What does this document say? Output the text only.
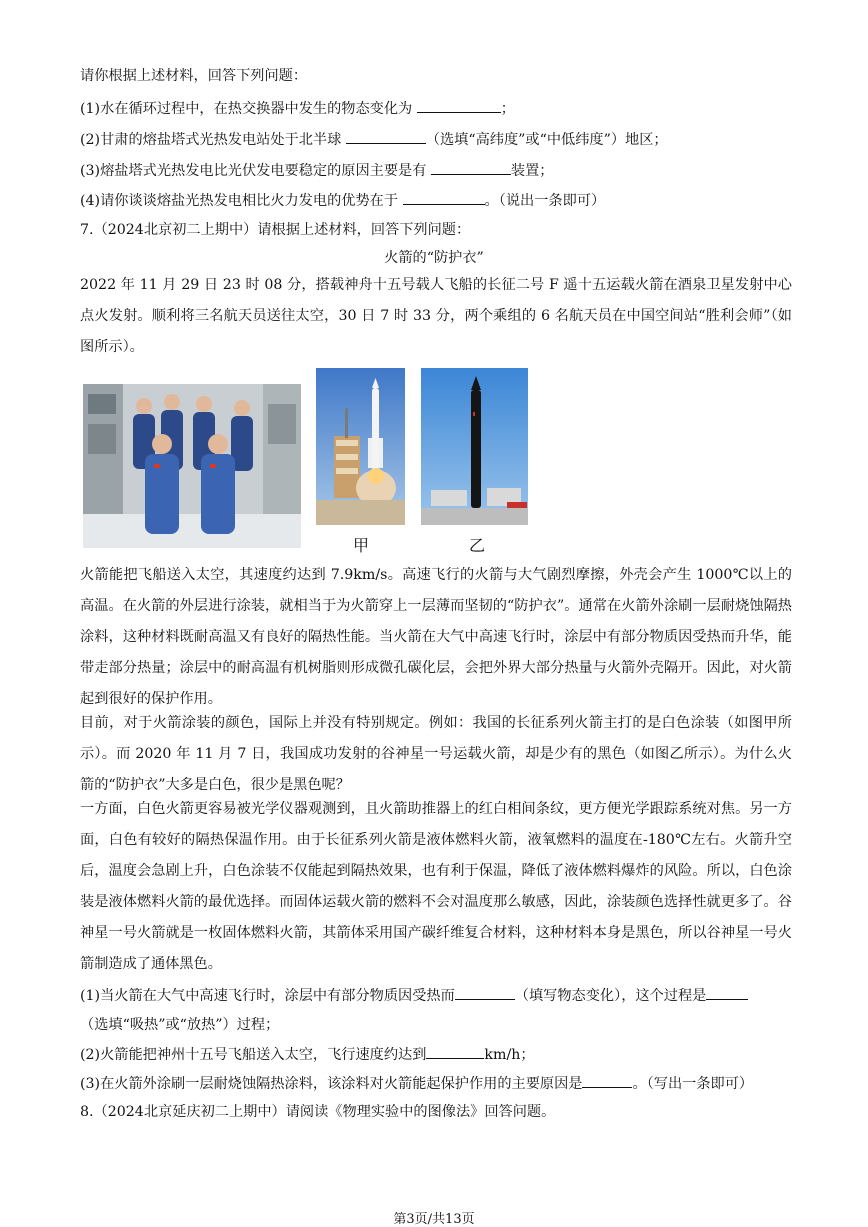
请你根据上述材料，回答下列问题：
(1)水在循环过程中，在热交换器中发生的物态变化为	；
(2)甘肃的熔盐塔式光热发电站处于北半球	（选填“高纬度”或“中低纬度”）地区；
(3)熔盐塔式光热发电比光伏发电要稳定的原因主要是有	装置；
(4)请你谈谈熔盐光热发电相比火力发电的优势在于	。（说出一条即可）
7.（2024北京初二上期中）请根据上述材料，回答下列问题：
火箭的“防护衣”
2022 年 11 月 29 日 23 时 08 分，搭载神舟十五号载人飞船的长征二号 F 遥十五运载火箭在酒泉卫星发射中心点火发射。顺利将三名航天员送往太空，30 日 7 时 33 分，两个乘组的 6 名航天员在中国空间站“胜利会师”（如图所示）。
甲	乙
火箭能把飞船送入太空，其速度约达到 7.9km/s。高速飞行的火箭与大气剧烈摩擦，外壳会产生 1000℃以上的高温。在火箭的外层进行涂装，就相当于为火箭穿上一层薄而坚韧的“防护衣”。通常在火箭外涂刷一层耐烧蚀隔热涂料，这种材料既耐高温又有良好的隔热性能。当火箭在大气中高速飞行时，涂层中有部分物质因受热而升华，能带走部分热量；涂层中的耐高温有机树脂则形成微孔碳化层，会把外界大部分热量与火箭外壳隔开。因此，对火箭起到很好的保护作用。
目前，对于火箭涂装的颜色，国际上并没有特别规定。例如：我国的长征系列火箭主打的是白色涂装（如图甲所示）。而 2020 年 11 月 7 日，我国成功发射的谷神星一号运载火箭，却是少有的黑色（如图乙所示）。为什么火箭的“防护衣”大多是白色，很少是黑色呢？
一方面，白色火箭更容易被光学仪器观测到，且火箭助推器上的红白相间条纹，更方便光学跟踪系统对焦。另一方面，白色有较好的隔热保温作用。由于长征系列火箭是液体燃料火箭，液氧燃料的温度在-180℃左右。火箭升空后，温度会急剧上升，白色涂装不仅能起到隔热效果，也有利于保温，降低了液体燃料爆炸的风险。所以，白色涂装是液体燃料火箭的最优选择。而固体运载火箭的燃料不会对温度那么敏感，因此，涂装颜色选择性就更多了。谷神星一号火箭就是一枚固体燃料火箭，其箭体采用国产碳纤维复合材料，这种材料本身是黑色，所以谷神星一号火箭制造成了通体黑色。
(1)当火箭在大气中高速飞行时，涂层中有部分物质因受热而	（填写物态变化），这个过程是
（选填“吸热”或“放热”）过程；
(2)火箭能把神州十五号飞船送入太空，飞行速度约达到	km/h；
(3)在火箭外涂刷一层耐烧蚀隔热涂料，该涂料对火箭能起保护作用的主要原因是	。（写出一条即可）
8.（2024北京延庆初二上期中）请阅读《物理实验中的图像法》回答问题。
第3页/共13页
